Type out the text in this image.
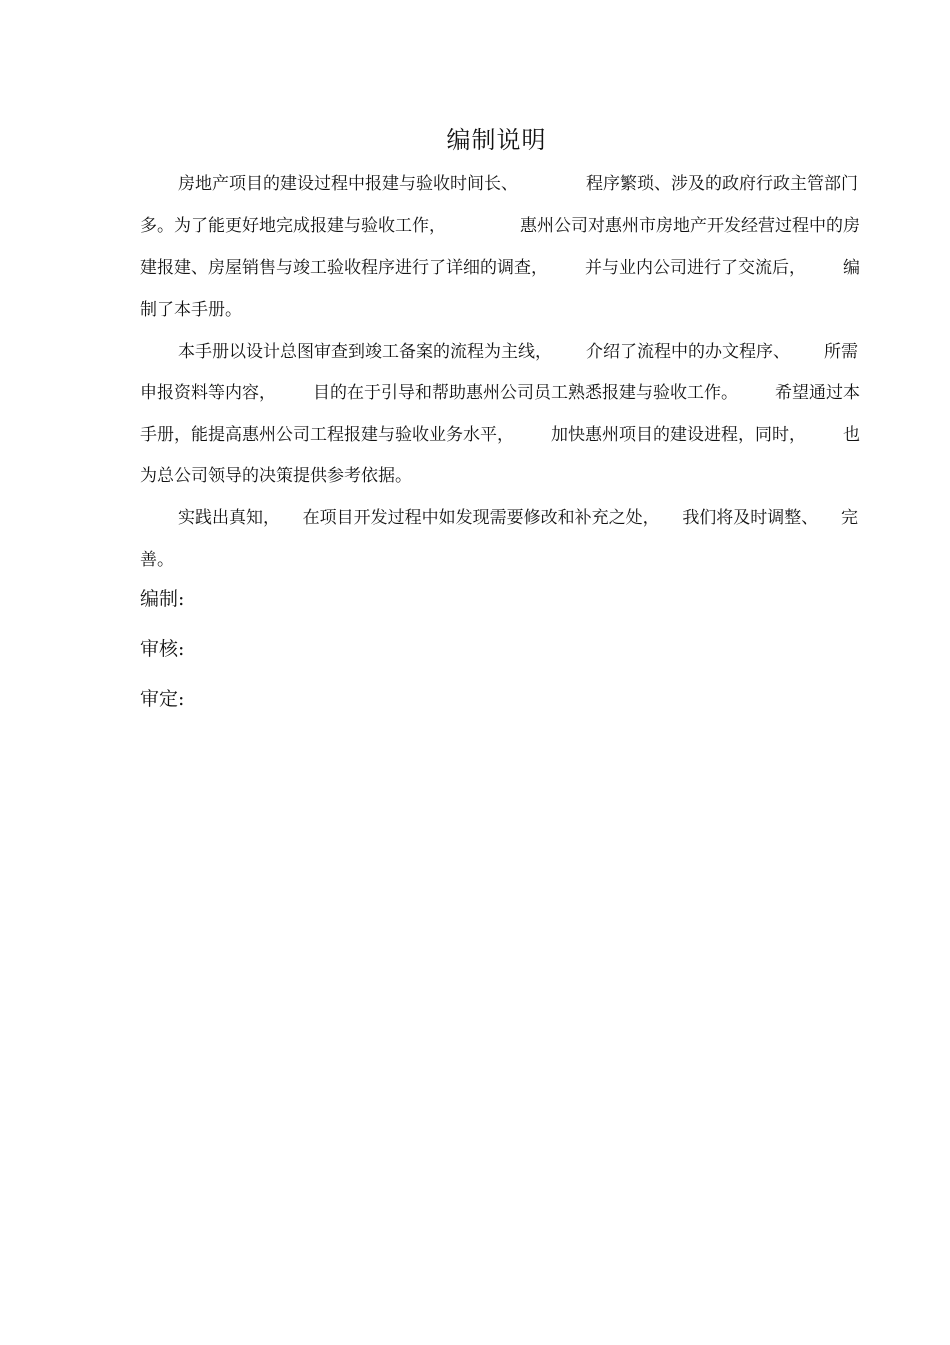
编制说明
房地产项目的建设过程中报建与验收时间长、	程序繁琐、涉及的政府行政主管部门
多。为了能更好地完成报建与验收工作，	惠州公司对惠州市房地产开发经营过程中的房
建报建、房屋销售与竣工验收程序进行了详细的调查， 并与业内公司进行了交流后， 编
制了本手册。
本手册以设计总图审查到竣工备案的流程为主线， 介绍了流程中的办文程序、 所需
申报资料等内容， 目的在于引导和帮助惠州公司员工熟悉报建与验收工作。 希望通过本
手册，能提高惠州公司工程报建与验收业务水平， 加快惠州项目的建设进程，同时， 也
为总公司领导的决策提供参考依据。
实践出真知， 在项目开发过程中如发现需要修改和补充之处， 我们将及时调整、 完
善。
编制:
审核:
审定:
